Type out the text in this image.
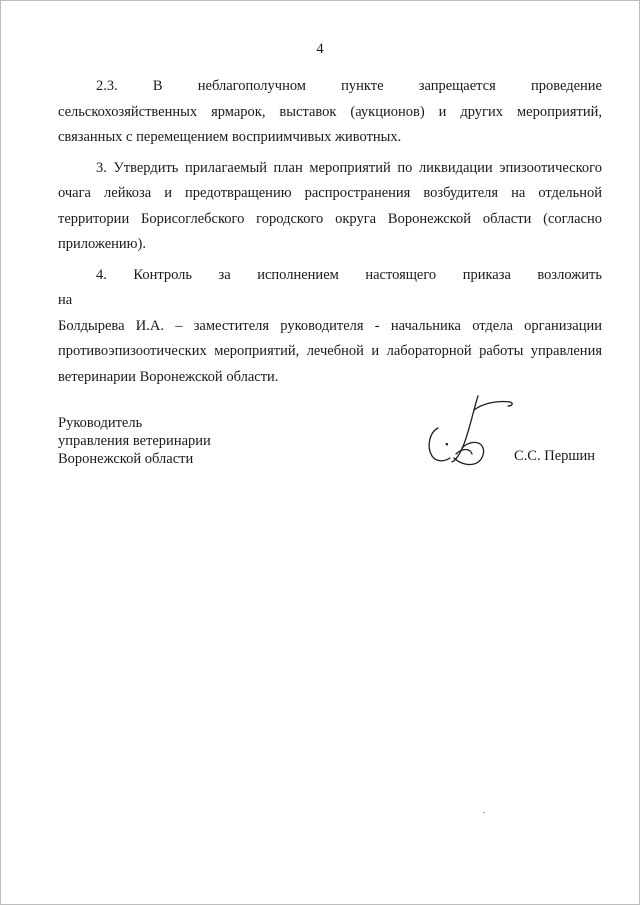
4
2.3. В неблагополучном пункте запрещается проведение
сельскохозяйственных ярмарок, выставок (аукционов) и других мероприятий, связанных с перемещением восприимчивых животных.

3. Утвердить прилагаемый план мероприятий по ликвидации эпизоотического очага лейкоза и предотвращению распространения возбудителя на отдельной территории Борисоглебского городского округа Воронежской области (согласно приложению).

4. Контроль за исполнением настоящего приказа возложить на
Болдырева И.А. – заместителя руководителя - начальника отдела организации противоэпизоотических мероприятий, лечебной и лабораторной работы управления ветеринарии Воронежской области.
Руководитель
управления ветеринарии
Воронежской области	С.С. Першин
